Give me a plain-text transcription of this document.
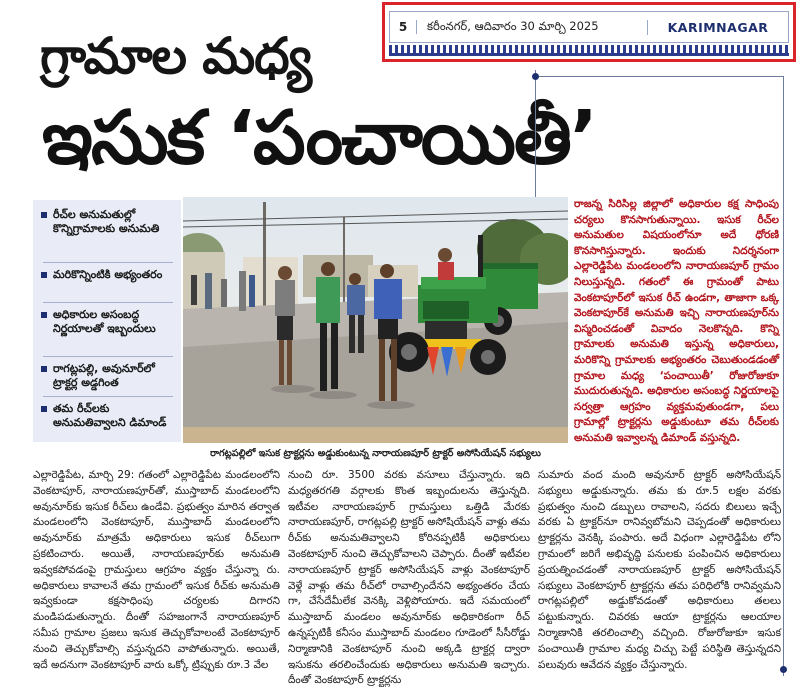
5	కరీంనగర్, ఆదివారం 30 మార్చి 2025	KARIMNAGAR
గ్రామాల మధ్య
ఇసుక ‘పంచాయితీ’
రీచ్‌ల అనుమతుల్లో కొన్నిగ్రామాలకు అనుమతి
మరికొన్నింటికి అభ్యంతరం
అధికారుల అసంబద్ధ నిర్ణయాలతో ఇబ్బందులు
రాగట్లపల్లి, అవునూర్‌లో ట్రాక్టర్ల అడ్డగింత
తమ రీచ్‌లకు అనుమతివ్వాలని డిమాండ్
రాగట్లపల్లిలో ఇసుక ట్రాక్టర్లను అడ్డుకుంటున్న నారాయణపూర్ ట్రాక్టర్ అసోసియేషన్ సభ్యులు
రాజన్న సిరిసిల్ల జిల్లాలో అధికారుల కక్ష సాధింపు చర్యలు కొనసాగుతున్నాయి. ఇసుక రీచ్‌ల అనుమతుల విషయంలోనూ అదే ధోరణి కొనసాగిస్తున్నారు. ఇందుకు నిదర్శనంగా ఎల్లారెడ్డిపేట మండలంలోని నారాయణపూర్ గ్రామం నిలుస్తున్నది. గతంలో ఈ గ్రామంతో పాటు వెంకటాపూర్‌లో ఇసుక రీచ్ ఉండగా, తాజాగా ఒక్క వెంకటాపూర్‌కే అనుమతి ఇచ్చి నారాయణపూర్‌ను విస్మరించడంతో వివాదం నెలకొన్నది. కొన్ని గ్రామాలకు అనుమతి ఇస్తున్న అధికారులు, మరికొన్ని గ్రామాలకు అభ్యంతరం చెబుతుండడంతో గ్రామాల మధ్య ‘పంచాయితీ’ రోజురోజుకూ ముదురుతున్నది. అధికారుల అసంబద్ధ నిర్ణయాలపై సర్వత్రా ఆగ్రహం వ్యక్తమవుతుండగా, పలు గ్రామాల్లో ట్రాక్టర్లను అడ్డుకుంటూ తమ రీచ్‌లకు అనుమతి ఇవ్వాలన్న డిమాండ్ వస్తున్నది.
ఎల్లారెడ్డిపేట, మార్చి 29: గతంలో ఎల్లారెడ్డిపేట మండలంలోని వెంకటాపూర్, నారాయణపూర్‌తో, ముస్తాబాద్ మండలంలోని అవునూర్‌కు ఇసుక రీచ్‌లు ఉండేవి. ప్రభుత్వం మారిన తర్వాత మండలంలోని వెంకటాపూర్, ముస్తాబాద్ మండలంలోని అవునూర్‌కు మాత్రమే అధికారులు ఇసుక రీచ్‌లుగా ప్రకటించారు. అయితే, నారాయణపూర్‌కు అనుమతి ఇవ్వకపోవడంపై గ్రామస్తులు ఆగ్రహం వ్యక్తం చేస్తున్నా రు. అధికారులు కావాలనే తమ గ్రామంలో ఇసుక రీచ్‌కు అనుమతి ఇవ్వకుండా కక్షసాధింపు చర్యలకు దిగారని మండిపడుతున్నారు. దీంతో సహజంగానే నారాయణపూర్ సమీప గ్రామాల ప్రజలు ఇసుక తెచ్చుకోవాలంటే వెంకటాపూర్ నుంచి తెచ్చుకోవాల్సి వస్తున్నదని వాపోతున్నారు. అయితే, ఇదే అదనుగా వెంకటాపూర్ వారు ఒక్కో ట్రిప్పుకు రూ.3 వేల
నుంచి రూ. 3500 వరకు వసూలు చేస్తున్నారు. ఇది మధ్యతరగతి వర్గాలకు కొంత ఇబ్బందులను తెస్తున్నది. ఇటీవల నారాయణపూర్ గ్రామస్తులు ఒత్తిడి మేరకు నారాయణపూర్, రాగట్లపల్లి ట్రాక్టర్ అసోషియేషన్ వాళ్లు తమ రీచ్‌కు అనుమతివ్వాలని కోరినప్పటికీ అధికారులు వెంకటాపూర్ నుంచి తెచ్చుకోవాలని చెప్పారు. దీంతో ఇటీవల నారాయణపూర్ ట్రాక్టర్ అసోసియేషన్ వాళ్లు వెంకటాపూర్ వెళ్లే వాళ్లు తమ రీచ్‌లో రావాల్సిందేనని అభ్యంతరం చేయ గా, చేసేదేమీలేక వెనక్కి వెళ్లిపోయారు. ఇదే సమయంలో ముస్తాబాద్ మండలం అవునూర్‌కు అధికారికంగా రీచ్ ఉన్నప్పటికీ కనీసం ముస్తాబాద్ మండలం గూడెంలో సీసీరోడ్డు నిర్మాణానికి వెంకటాపూర్ నుంచి అక్కడి ట్రాక్టర్ల ద్వారా ఇసుకను తరలించేందుకు అధికారులు అనుమతి ఇచ్చారు. దీంతో వెంకటాపూర్ ట్రాక్టర్లను
సుమారు వంద మంది అవునూర్ ట్రాక్టర్ అసోసియేషన్ సభ్యులు అడ్డుకున్నారు. తమ కు రూ.5 లక్షల వరకు ప్రభుత్వం నుంచి డబ్బులు రావాలని, సదరు బిలులు ఇచ్చే వరకు ఏ ట్రాక్టర్‌నూ రానివ్వబోమని చెప్పడంతో అధికారులు ట్రాక్టర్లను వెనక్కి పంపారు. అదే విధంగా ఎల్లారెడ్డిపేట లోని గ్రామంలో జరిగే అభివృద్ధి పనులకు పంపించిన అధికారులు ప్రయత్నించడంతో నారాయణపూర్ ట్రాక్టర్ అసోసియేషన్ సభ్యులు వెంకటాపూర్ ట్రాక్టర్లను తమ పరిధిలోకి రానివ్వమని రాగట్లపల్లిలో అడ్డుకోవడంతో అధికారులు తలలు పట్టుకున్నారు. చివరకు ఆయా ట్రాక్టర్లను ఆలయాల నిర్మాణానికి తరలించాల్సి వచ్చింది. రోజురోజుకూ ఇసుక పంచాయితీ గ్రామాల మధ్య చిచ్చు పెట్టే పరిస్థితి తెస్తున్నదని పలువురు ఆవేదన వ్యక్తం చేస్తున్నారు.
